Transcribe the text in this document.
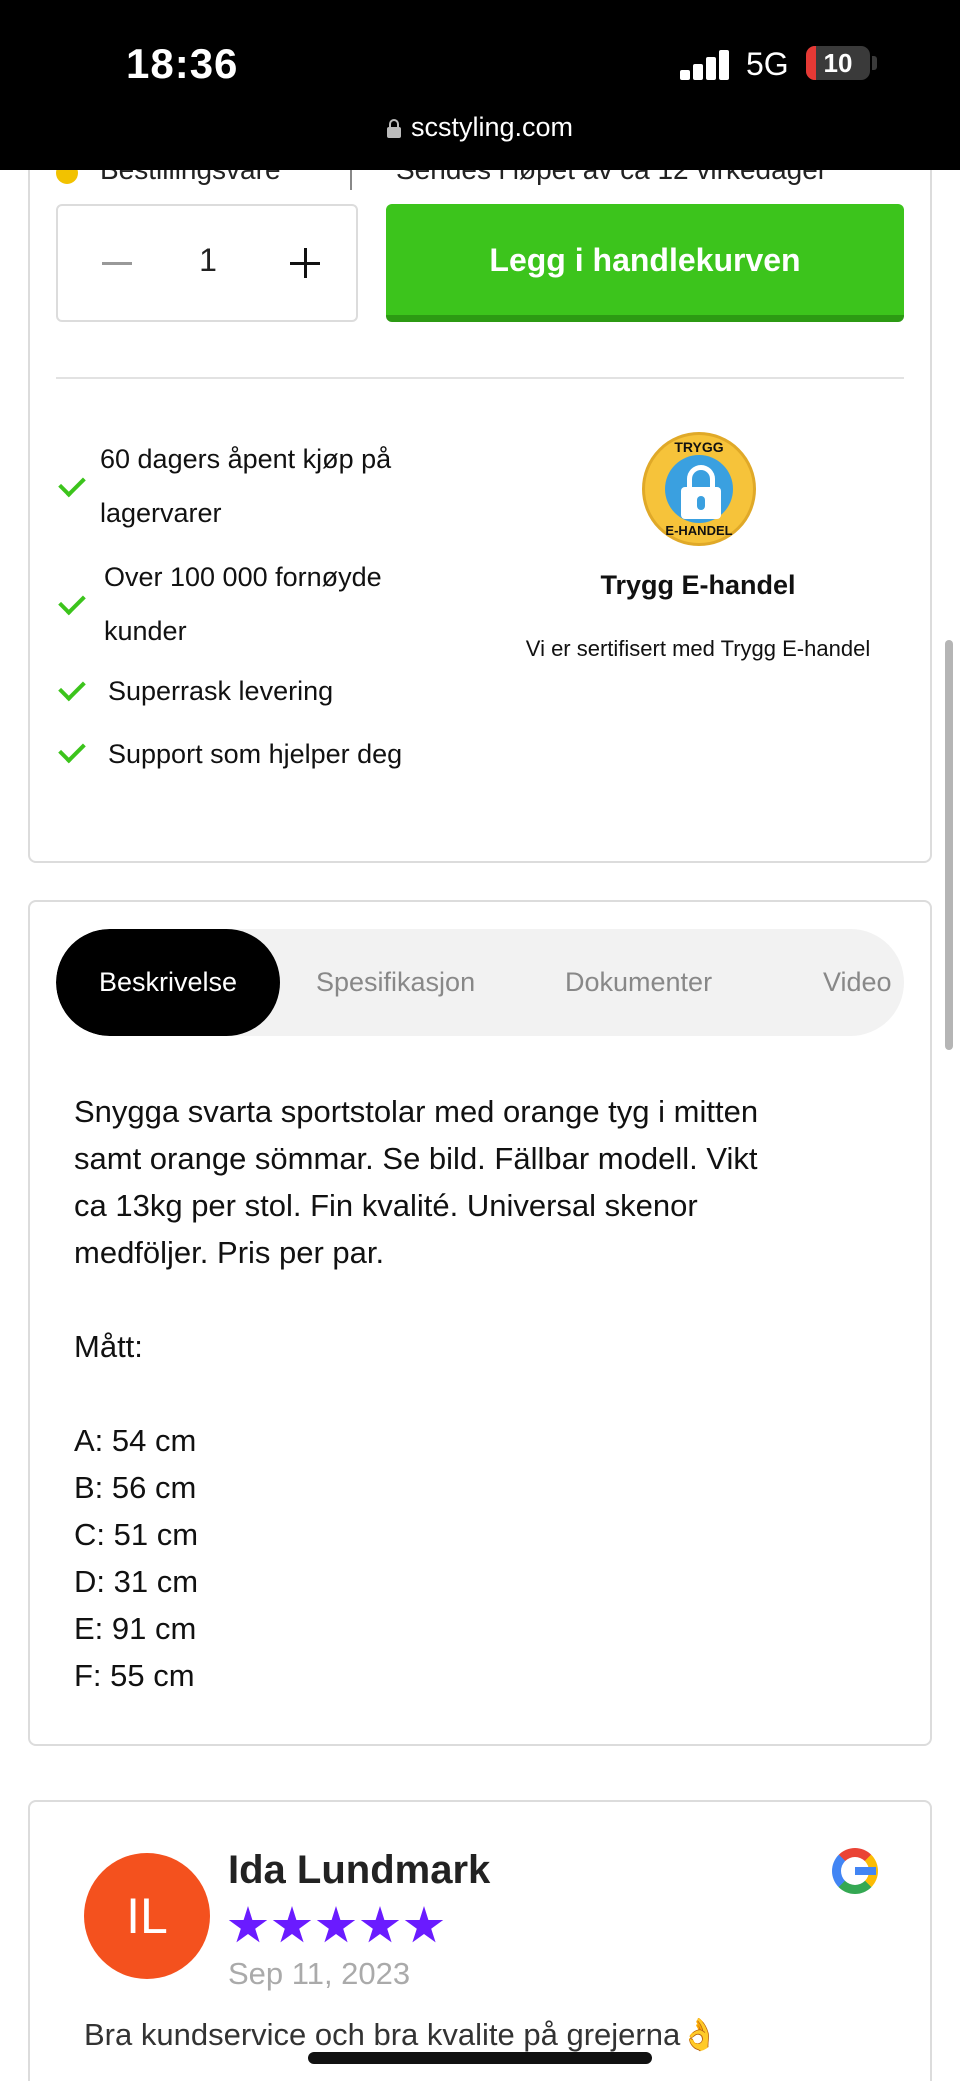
1	Legg i handlekurven
60 dagers åpent kjøp på
lagervarer
Over 100 000 fornøyde
kunder
Superrask levering
Support som hjelper deg
TRYGG
E-HANDEL
Trygg E-handel
Vi er sertifisert med Trygg E-handel
Beskrivelse	Spesifikasjon	Dokumenter	Video

Snygga svarta sportstolar med orange tyg i mitten

samt orange sömmar. Se bild. Fällbar modell. Vikt

ca 13kg per stol. Fin kvalité. Universal skenor

medföljer. Pris per par.

Mått:

A: 54 cm

B: 56 cm

C: 51 cm

D: 31 cm

E: 91 cm

F: 55 cm

IL
Ida Lundmark
Sep 11, 2023
Bra kundservice och bra kvalite på grejerna👌
18:36	5G	10
scstyling.com
